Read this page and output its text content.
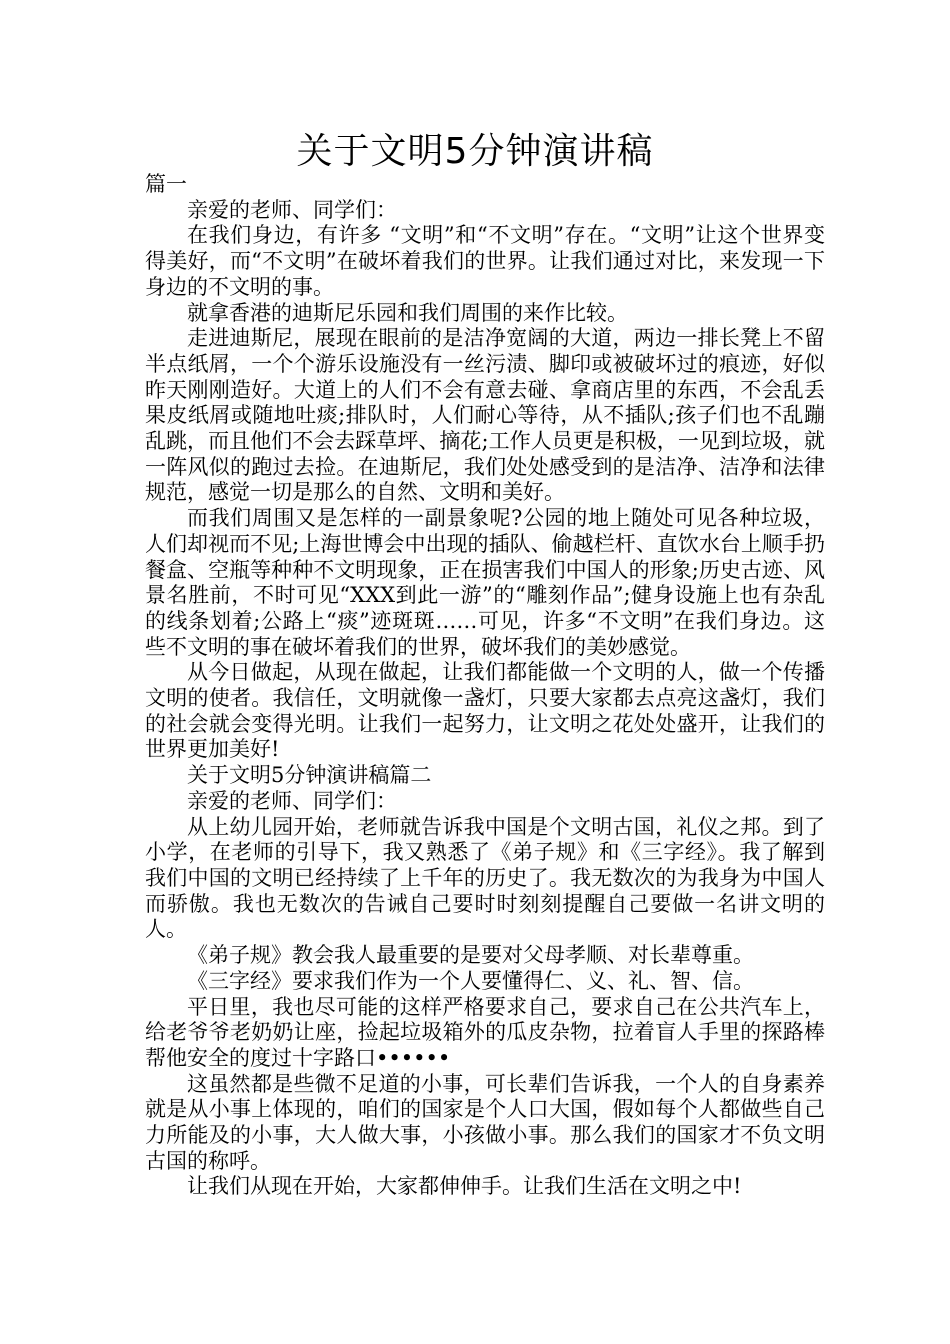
关于文明5分钟演讲稿

篇一

亲爱的老师、同学们：

在我们身边，有许多 “文明”和“不文明”存在。“文明”让这个世界变得美好，而“不文明”在破坏着我们的世界。让我们通过对比，来发现一下身边的不文明的事。

就拿香港的迪斯尼乐园和我们周围的来作比较。

走进迪斯尼，展现在眼前的是洁净宽阔的大道，两边一排长凳上不留半点纸屑，一个个游乐设施没有一丝污渍、脚印或被破坏过的痕迹，好似昨天刚刚造好。大道上的人们不会有意去碰、拿商店里的东西，不会乱丢果皮纸屑或随地吐痰;排队时，人们耐心等待，从不插队;孩子们也不乱蹦乱跳，而且他们不会去踩草坪、摘花;工作人员更是积极，一见到垃圾，就一阵风似的跑过去捡。在迪斯尼，我们处处感受到的是洁净、洁净和法律规范，感觉一切是那么的自然、文明和美好。

而我们周围又是怎样的一副景象呢?公园的地上随处可见各种垃圾，人们却视而不见;上海世博会中出现的插队、偷越栏杆、直饮水台上顺手扔餐盒、空瓶等种种不文明现象，正在损害我们中国人的形象;历史古迹、风景名胜前，不时可见“XXX到此一游”的“雕刻作品”;健身设施上也有杂乱的线条划着;公路上“痰”迹斑斑……可见，许多“不文明”在我们身边。这些不文明的事在破坏着我们的世界，破坏我们的美妙感觉。

从今日做起，从现在做起，让我们都能做一个文明的人，做一个传播文明的使者。我信任，文明就像一盏灯，只要大家都去点亮这盏灯，我们的社会就会变得光明。让我们一起努力，让文明之花处处盛开，让我们的世界更加美好!

关于文明5分钟演讲稿篇二

亲爱的老师、同学们：

从上幼儿园开始，老师就告诉我中国是个文明古国，礼仪之邦。到了小学，在老师的引导下，我又熟悉了《弟子规》和《三字经》。我了解到我们中国的文明已经持续了上千年的历史了。我无数次的为我身为中国人而骄傲。我也无数次的告诫自己要时时刻刻提醒自己要做一名讲文明的人。

《弟子规》教会我人最重要的是要对父母孝顺、对长辈尊重。

《三字经》要求我们作为一个人要懂得仁、义、礼、智、信。

平日里，我也尽可能的这样严格要求自己，要求自己在公共汽车上，给老爷爷老奶奶让座，捡起垃圾箱外的瓜皮杂物，拉着盲人手里的探路棒帮他安全的度过十字路口••••••

这虽然都是些微不足道的小事，可长辈们告诉我，一个人的自身素养就是从小事上体现的，咱们的国家是个人口大国，假如每个人都做些自己力所能及的小事，大人做大事，小孩做小事。那么我们的国家才不负文明古国的称呼。

让我们从现在开始，大家都伸伸手。让我们生活在文明之中!
